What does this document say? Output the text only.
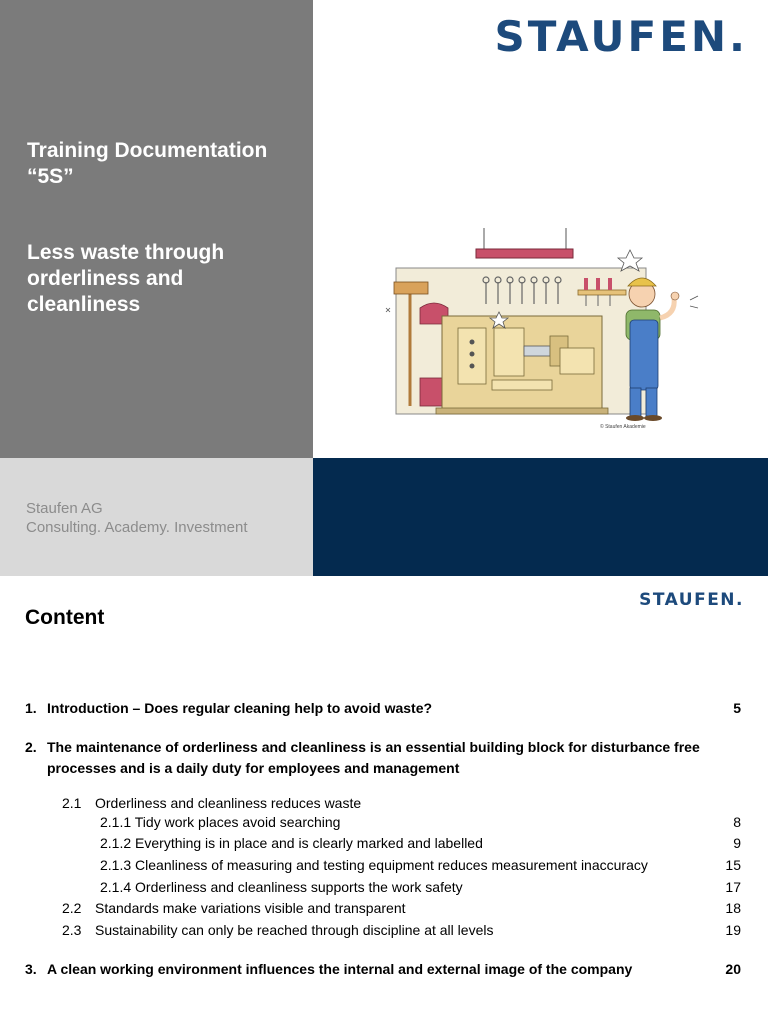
STAUFEN.

Training Documentation

“5S”

Less waste through
orderliness and
cleanliness

Staufen AG
Consulting. Academy. Investment
© Staufen Akademie
STAUFEN.
Content
1. Introduction – Does regular cleaning help to avoid waste?	5
2. The maintenance of orderliness and cleanliness is an essential building block for disturbance free processes and is a daily duty for employees and management
2.1 Orderliness and cleanliness reduces waste
2.1.1 Tidy work places avoid searching	8
2.1.2 Everything is in place and is clearly marked and labelled	9
2.1.3 Cleanliness of measuring and testing equipment reduces measurement inaccuracy	15
2.1.4 Orderliness and cleanliness supports the work safety	17
2.2 Standards make variations visible and transparent	18
2.3 Sustainability can only be reached through discipline at all levels	19
3. A clean working environment influences the internal and external image of the company	20
